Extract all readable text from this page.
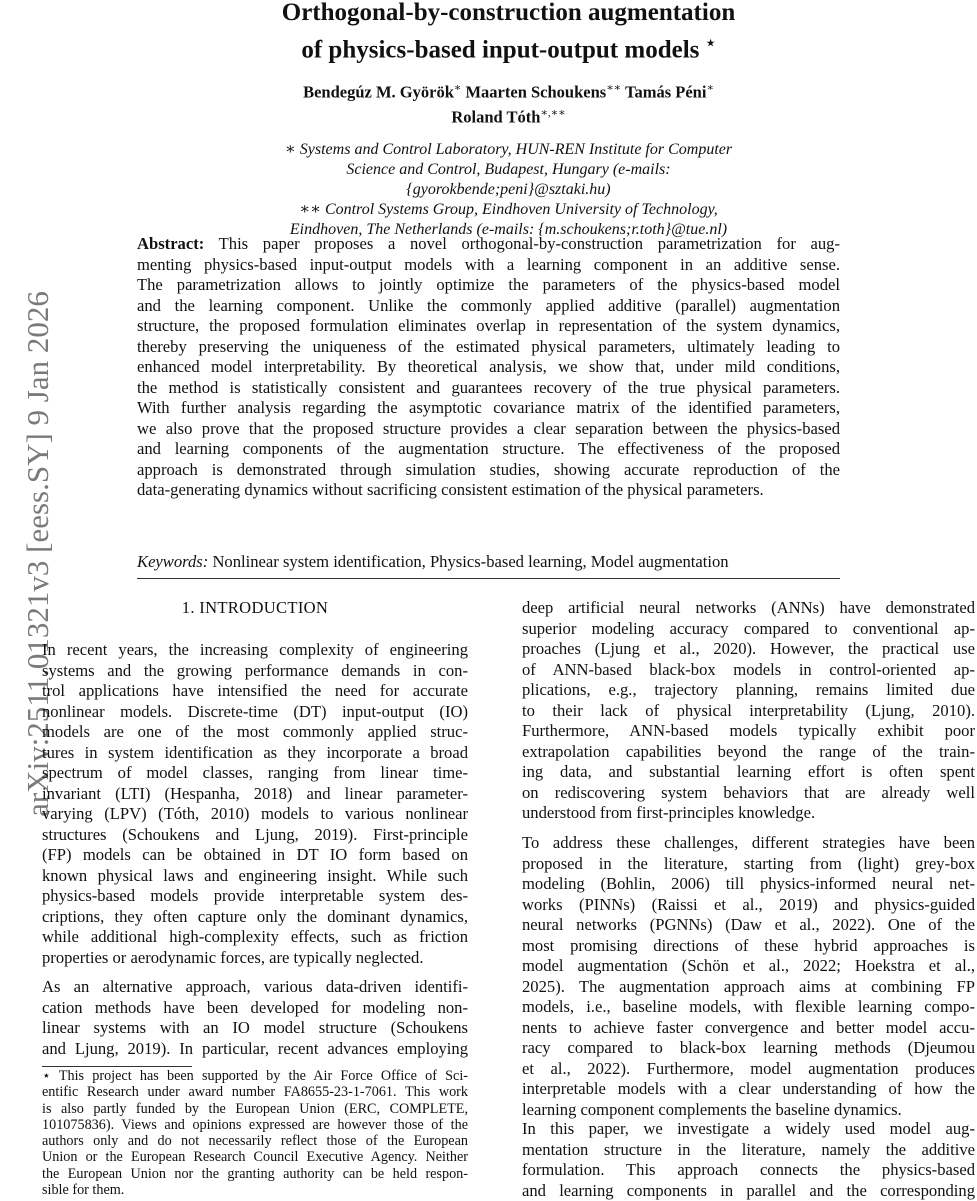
arXiv:2511.01321v3 [eess.SY] 9 Jan 2026
Orthogonal-by-construction augmentation
of physics-based input-output models ⋆
Bendegúz M. Györök∗ Maarten Schoukens∗∗ Tamás Péni∗
Roland Tóth∗,∗∗
∗ Systems and Control Laboratory, HUN-REN Institute for Computer
Science and Control, Budapest, Hungary (e-mails:
{gyorokbende;peni}@sztaki.hu)
∗∗ Control Systems Group, Eindhoven University of Technology,
Eindhoven, The Netherlands (e-mails: {m.schoukens;r.toth}@tue.nl)
Abstract: This paper proposes a novel orthogonal-by-construction parametrization for aug-
menting physics-based input-output models with a learning component in an additive sense.
The parametrization allows to jointly optimize the parameters of the physics-based model
and the learning component. Unlike the commonly applied additive (parallel) augmentation
structure, the proposed formulation eliminates overlap in representation of the system dynamics,
thereby preserving the uniqueness of the estimated physical parameters, ultimately leading to
enhanced model interpretability. By theoretical analysis, we show that, under mild conditions,
the method is statistically consistent and guarantees recovery of the true physical parameters.
With further analysis regarding the asymptotic covariance matrix of the identified parameters,
we also prove that the proposed structure provides a clear separation between the physics-based
and learning components of the augmentation structure. The effectiveness of the proposed
approach is demonstrated through simulation studies, showing accurate reproduction of the
data-generating dynamics without sacrificing consistent estimation of the physical parameters.
Keywords: Nonlinear system identification, Physics-based learning, Model augmentation
1. INTRODUCTION
In recent years, the increasing complexity of engineering
systems and the growing performance demands in con-
trol applications have intensified the need for accurate
nonlinear models. Discrete-time (DT) input-output (IO)
models are one of the most commonly applied struc-
tures in system identification as they incorporate a broad
spectrum of model classes, ranging from linear time-
invariant (LTI) (Hespanha, 2018) and linear parameter-
varying (LPV) (Tóth, 2010) models to various nonlinear
structures (Schoukens and Ljung, 2019). First-principle
(FP) models can be obtained in DT IO form based on
known physical laws and engineering insight. While such
physics-based models provide interpretable system des-
criptions, they often capture only the dominant dynamics,
while additional high-complexity effects, such as friction
properties or aerodynamic forces, are typically neglected.
As an alternative approach, various data-driven identifi-
cation methods have been developed for modeling non-
linear systems with an IO model structure (Schoukens
and Ljung, 2019). In particular, recent advances employing
⋆ This project has been supported by the Air Force Office of Sci-
entific Research under award number FA8655-23-1-7061. This work
is also partly funded by the European Union (ERC, COMPLETE,
101075836). Views and opinions expressed are however those of the
authors only and do not necessarily reflect those of the European
Union or the European Research Council Executive Agency. Neither
the European Union nor the granting authority can be held respon-
sible for them.
deep artificial neural networks (ANNs) have demonstrated
superior modeling accuracy compared to conventional ap-
proaches (Ljung et al., 2020). However, the practical use
of ANN-based black-box models in control-oriented ap-
plications, e.g., trajectory planning, remains limited due
to their lack of physical interpretability (Ljung, 2010).
Furthermore, ANN-based models typically exhibit poor
extrapolation capabilities beyond the range of the train-
ing data, and substantial learning effort is often spent
on rediscovering system behaviors that are already well
understood from first-principles knowledge.
To address these challenges, different strategies have been
proposed in the literature, starting from (light) grey-box
modeling (Bohlin, 2006) till physics-informed neural net-
works (PINNs) (Raissi et al., 2019) and physics-guided
neural networks (PGNNs) (Daw et al., 2022). One of the
most promising directions of these hybrid approaches is
model augmentation (Schön et al., 2022; Hoekstra et al.,
2025). The augmentation approach aims at combining FP
models, i.e., baseline models, with flexible learning compo-
nents to achieve faster convergence and better model accu-
racy compared to black-box learning methods (Djeumou
et al., 2022). Furthermore, model augmentation produces
interpretable models with a clear understanding of how the
learning component complements the baseline dynamics.
In this paper, we investigate a widely used model aug-
mentation structure in the literature, namely the additive
formulation. This approach connects the physics-based
and learning components in parallel and the corresponding
